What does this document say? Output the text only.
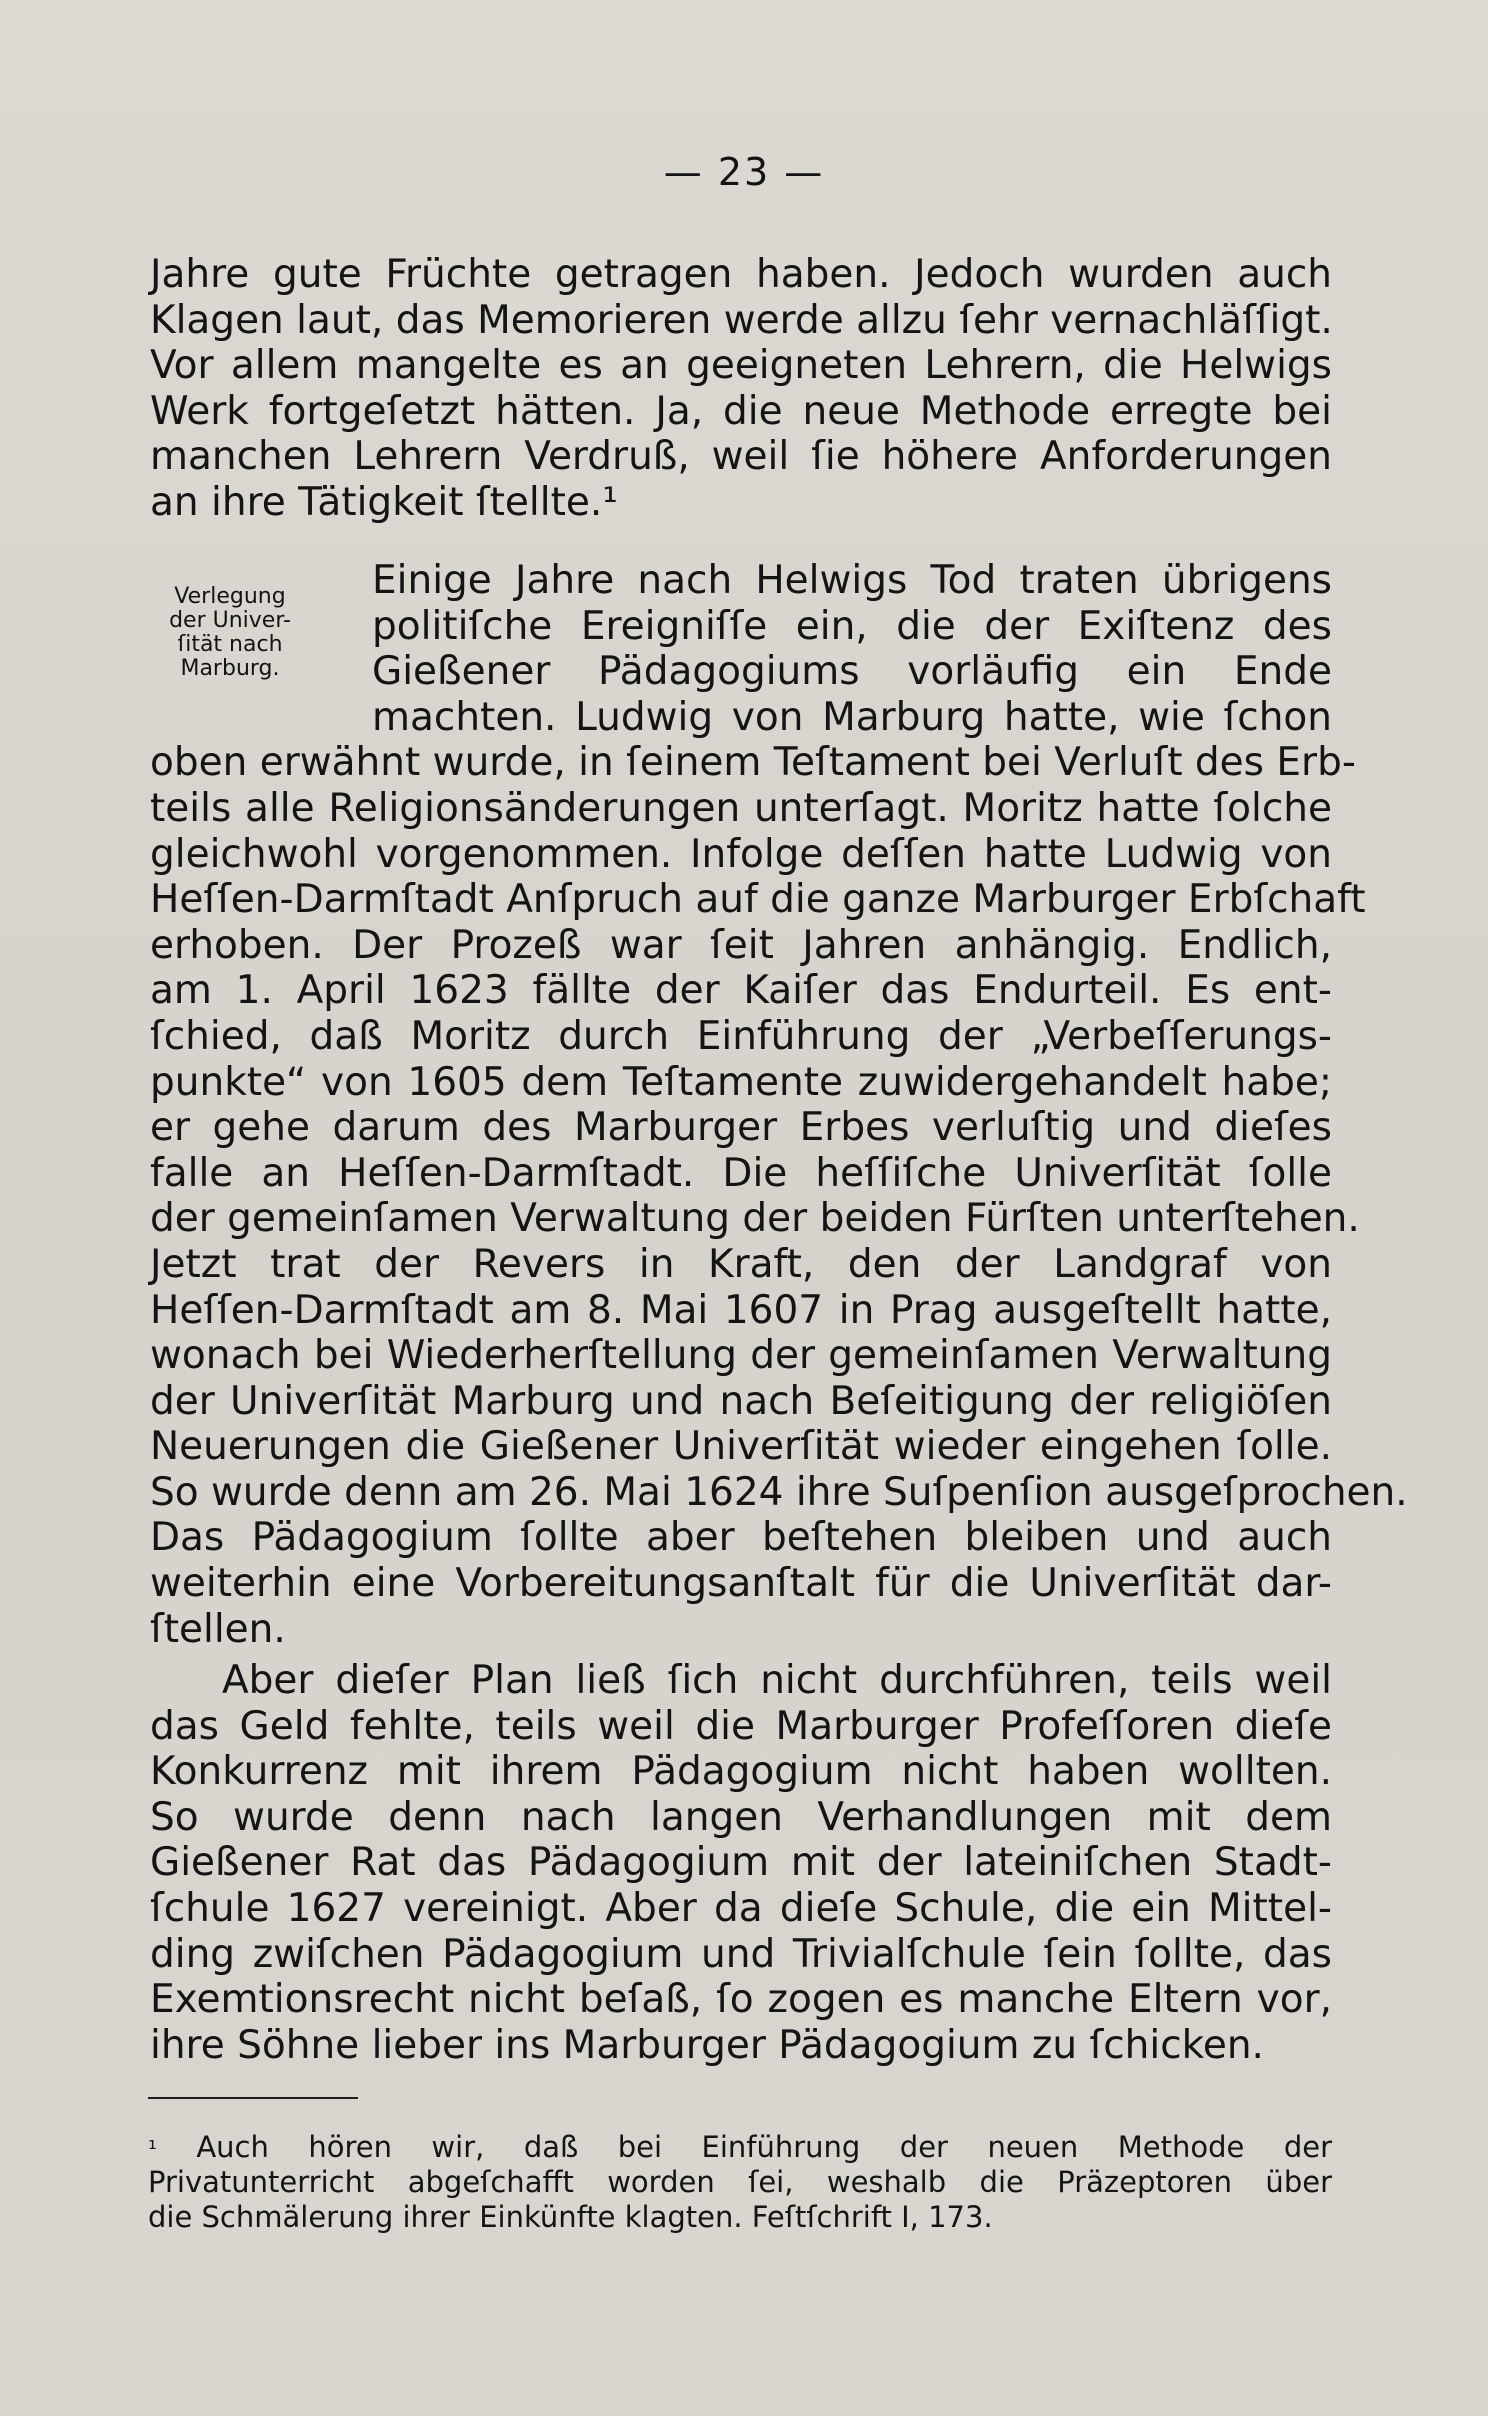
— 23 —
Jahre gute Früchte getragen haben. Jedoch wurden auch
Klagen laut, das Memorieren werde allzu ſehr vernachläſſigt.
Vor allem mangelte es an geeigneten Lehrern, die Helwigs
Werk fortgeſetzt hätten. Ja, die neue Methode erregte bei
manchen Lehrern Verdruß, weil ſie höhere Anforderungen
an ihre Tätigkeit ſtellte.¹
Verlegung
der Univer-
ſität nach
Marburg.
Einige Jahre nach Helwigs Tod traten übrigens
politiſche Ereigniſſe ein, die der Exiſtenz des
Gießener Pädagogiums vorläufig ein Ende
machten. Ludwig von Marburg hatte, wie ſchon
oben erwähnt wurde, in ſeinem Teſtament bei Verluſt des Erb-
teils alle Religionsänderungen unterſagt. Moritz hatte ſolche
gleichwohl vorgenommen. Infolge deſſen hatte Ludwig von
Heſſen-Darmſtadt Anſpruch auf die ganze Marburger Erbſchaft
erhoben. Der Prozeß war ſeit Jahren anhängig. Endlich,
am 1. April 1623 fällte der Kaiſer das Endurteil. Es ent-
ſchied, daß Moritz durch Einführung der „Verbeſſerungs-
punkte“ von 1605 dem Teſtamente zuwidergehandelt habe;
er gehe darum des Marburger Erbes verluſtig und dieſes
falle an Heſſen-Darmſtadt. Die heſſiſche Univerſität ſolle
der gemeinſamen Verwaltung der beiden Fürſten unterſtehen.
Jetzt trat der Revers in Kraft, den der Landgraf von
Heſſen-Darmſtadt am 8. Mai 1607 in Prag ausgeſtellt hatte,
wonach bei Wiederherſtellung der gemeinſamen Verwaltung
der Univerſität Marburg und nach Beſeitigung der religiöſen
Neuerungen die Gießener Univerſität wieder eingehen ſolle.
So wurde denn am 26. Mai 1624 ihre Suſpenſion ausgeſprochen.
Das Pädagogium ſollte aber beſtehen bleiben und auch
weiterhin eine Vorbereitungsanſtalt für die Univerſität dar-
ſtellen.
Aber dieſer Plan ließ ſich nicht durchführen, teils weil
das Geld fehlte, teils weil die Marburger Profeſſoren dieſe
Konkurrenz mit ihrem Pädagogium nicht haben wollten.
So wurde denn nach langen Verhandlungen mit dem
Gießener Rat das Pädagogium mit der lateiniſchen Stadt-
ſchule 1627 vereinigt. Aber da dieſe Schule, die ein Mittel-
ding zwiſchen Pädagogium und Trivialſchule ſein ſollte, das
Exemtionsrecht nicht beſaß, ſo zogen es manche Eltern vor,
ihre Söhne lieber ins Marburger Pädagogium zu ſchicken.
$^{^1}$ Auch hören wir, daß bei Einführung der neuen Methode der
Privatunterricht abgeſchafft worden ſei, weshalb die Präzeptoren über
die Schmälerung ihrer Einkünfte klagten. Feſtſchrift I, 173.
